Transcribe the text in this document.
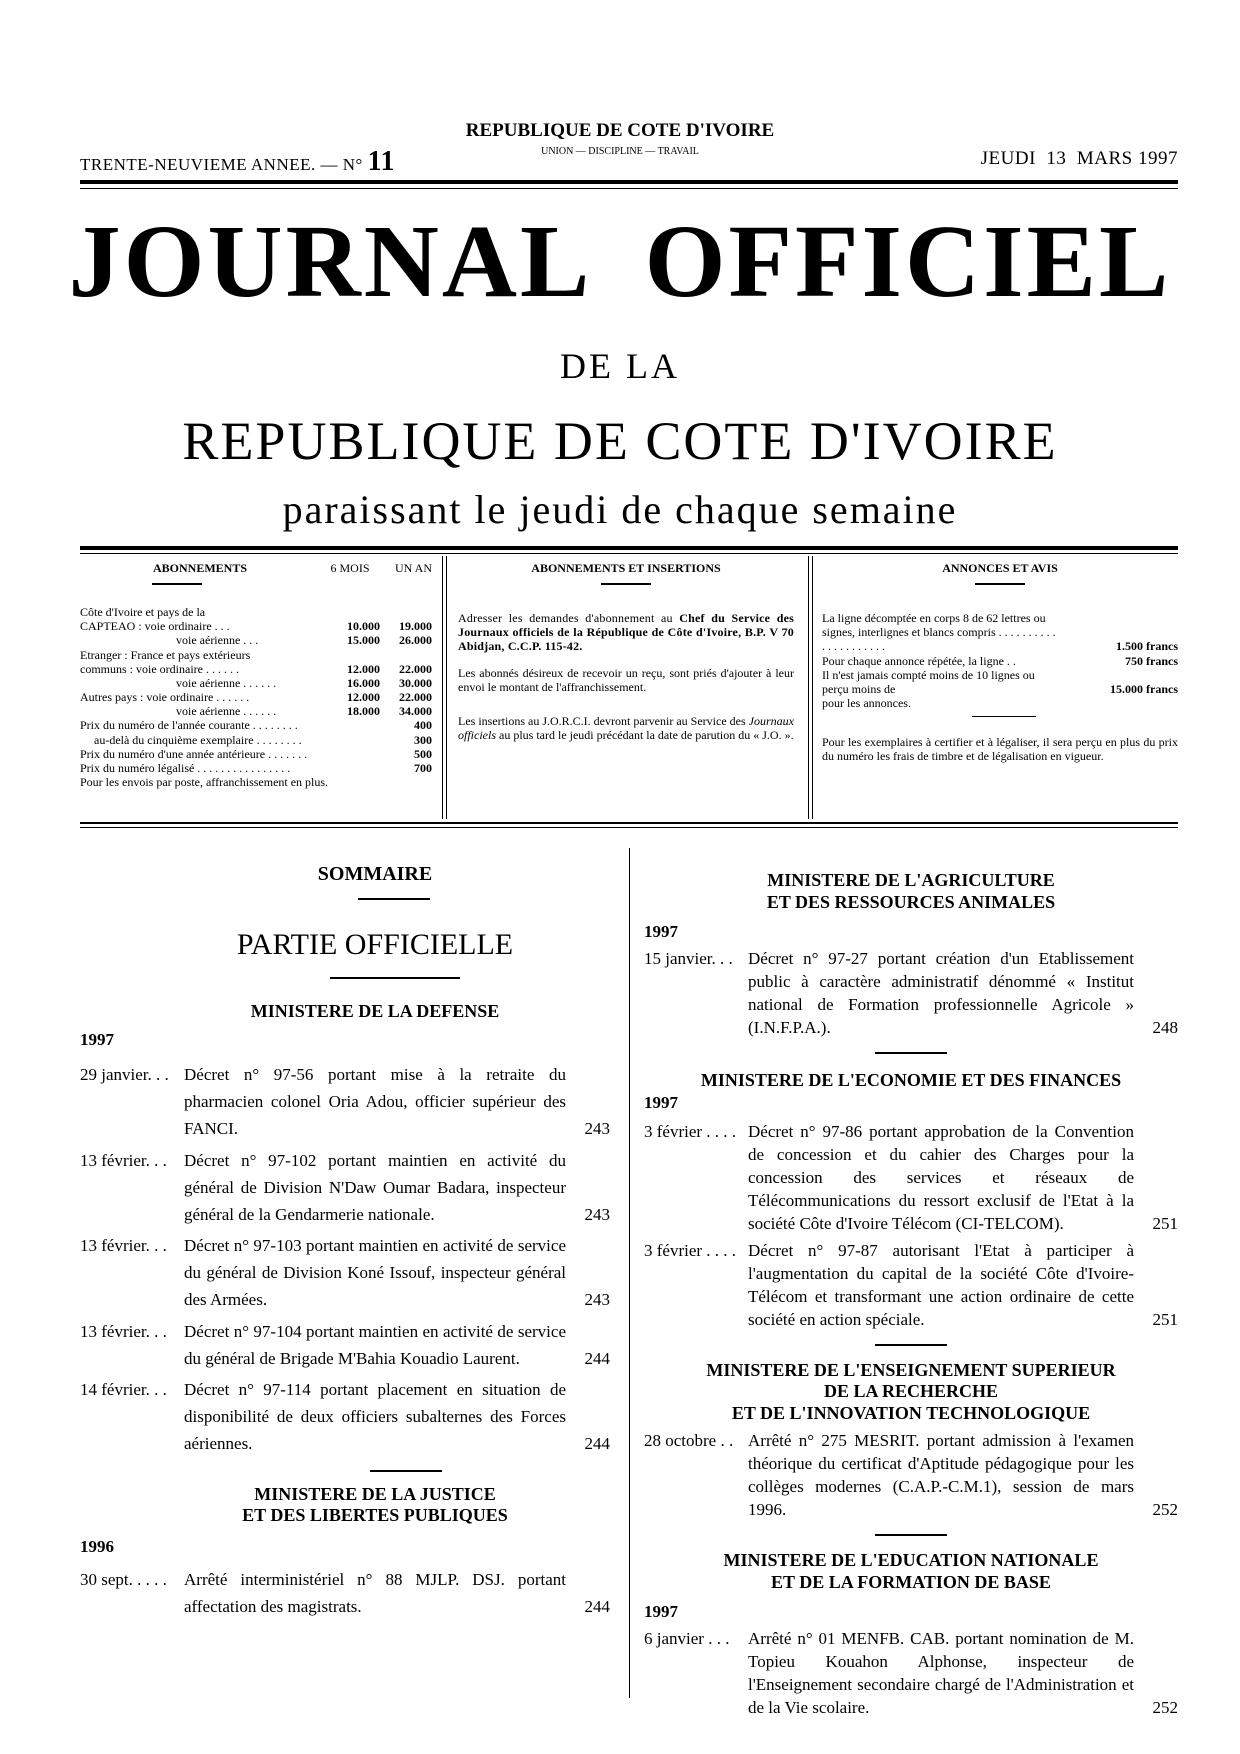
TRENTE-NEUVIEME ANNEE. — N° 11
REPUBLIQUE DE COTE D'IVOIRE
UNION — DISCIPLINE — TRAVAIL	JEUDI  13  MARS 1997
JOURNAL  OFFICIEL
DE LA
REPUBLIQUE DE COTE D'IVOIRE
paraissant le jeudi de chaque semaine
ABONNEMENTS	6 MOIS	UN AN
Côte d'Ivoire et pays de la
CAPTEAO : voie ordinaire . . .	10.000	19.000
voie aérienne . . .	15.000	26.000
Etranger : France et pays extérieurs
communs : voie ordinaire . . . . . .	12.000	22.000
voie aérienne . . . . . .	16.000	30.000
Autres pays : voie ordinaire . . . . . .	12.000	22.000
voie aérienne . . . . . .	18.000	34.000
Prix du numéro de l'année courante . . . . . . . .	400
au-delà du cinquième exemplaire . . . . . . . .	300
Prix du numéro d'une année antérieure . . . . . . .	500
Prix du numéro légalisé . . . . . . . . . . . . . . . .	700
Pour les envois par poste, affranchissement en plus.
ABONNEMENTS ET INSERTIONS
Adresser les demandes d'abonnement au Chef du Service des Journaux officiels de la République de Côte d'Ivoire, B.P. V 70 Abidjan, C.C.P. 115-42.
Les abonnés désireux de recevoir un reçu, sont priés d'ajouter à leur envoi le montant de l'affranchissement.
Les insertions au J.O.R.C.I. devront parvenir au Service des Journaux officiels au plus tard le jeudi précédant la date de parution du « J.O. ».
ANNONCES ET AVIS
La ligne décomptée en corps 8 de 62 lettres ou signes, interlignes et blancs compris . . . . . . . . . . . . . . . . . . . . .	1.500 francs
Pour chaque annonce répétée, la ligne . .	750 francs
Il n'est jamais compté moins de 10 lignes ou perçu moins de	15.000 francs
pour les annonces.
Pour les exemplaires à certifier et à légaliser, il sera perçu en plus du prix du numéro les frais de timbre et de légalisation en vigueur.
SOMMAIRE
PARTIE OFFICIELLE
MINISTERE DE LA DEFENSE
1997
29 janvier. . . Décret n° 97-56 portant mise à la retraite du pharmacien colonel Oria Adou, officier supérieur des FANCI.	243
13 février. . .	Décret n° 97-102 portant maintien en activité du général de Division N'Daw Oumar Badara, inspecteur général de la Gendarmerie nationale.	243
13 février. . .	Décret n° 97-103 portant maintien en activité de service du général de Division Koné Issouf, inspecteur général des Armées.	243
13 février. . .	Décret n° 97-104 portant maintien en activité de service du général de Brigade M'Bahia Kouadio Laurent.	244
14 février. . .	Décret n° 97-114 portant placement en situation de disponibilité de deux officiers subalternes des Forces aériennes.	244
MINISTERE DE LA JUSTICE
ET DES LIBERTES PUBLIQUES
1996
30 sept. . . . .	Arrêté interministériel n° 88 MJLP. DSJ. portant affectation des magistrats.	244
MINISTERE DE L'AGRICULTURE
ET DES RESSOURCES ANIMALES
1997
15 janvier. . . Décret n° 97-27 portant création d'un Etablissement public à caractère administratif dénommé « Institut national de Formation professionnelle Agricole » (I.N.F.P.A.).	248
MINISTERE DE L'ECONOMIE ET DES FINANCES
1997
3 février . . . . Décret n° 97-86 portant approbation de la Convention de concession et du cahier des Charges pour la concession des services et réseaux de Télécommunications du ressort exclusif de l'Etat à la société Côte d'Ivoire Télécom (CI-TELCOM).	251
3 février . . . . Décret n° 97-87 autorisant l'Etat à participer à l'augmentation du capital de la société Côte d'Ivoire-Télécom et transformant une action ordinaire de cette société en action spéciale.	251
MINISTERE DE L'ENSEIGNEMENT SUPERIEUR
DE LA RECHERCHE
ET DE L'INNOVATION TECHNOLOGIQUE
28 octobre . . Arrêté n° 275 MESRIT. portant admission à l'examen théorique du certificat d'Aptitude pédagogique pour les collèges modernes (C.A.P.-C.M.1), session de mars 1996.	252
MINISTERE DE L'EDUCATION NATIONALE
ET DE LA FORMATION DE BASE
1997
6 janvier . . .	Arrêté n° 01 MENFB. CAB. portant nomination de M. Topieu Kouahon Alphonse, inspecteur de l'Enseignement secondaire chargé de l'Administration et de la Vie scolaire.	252
